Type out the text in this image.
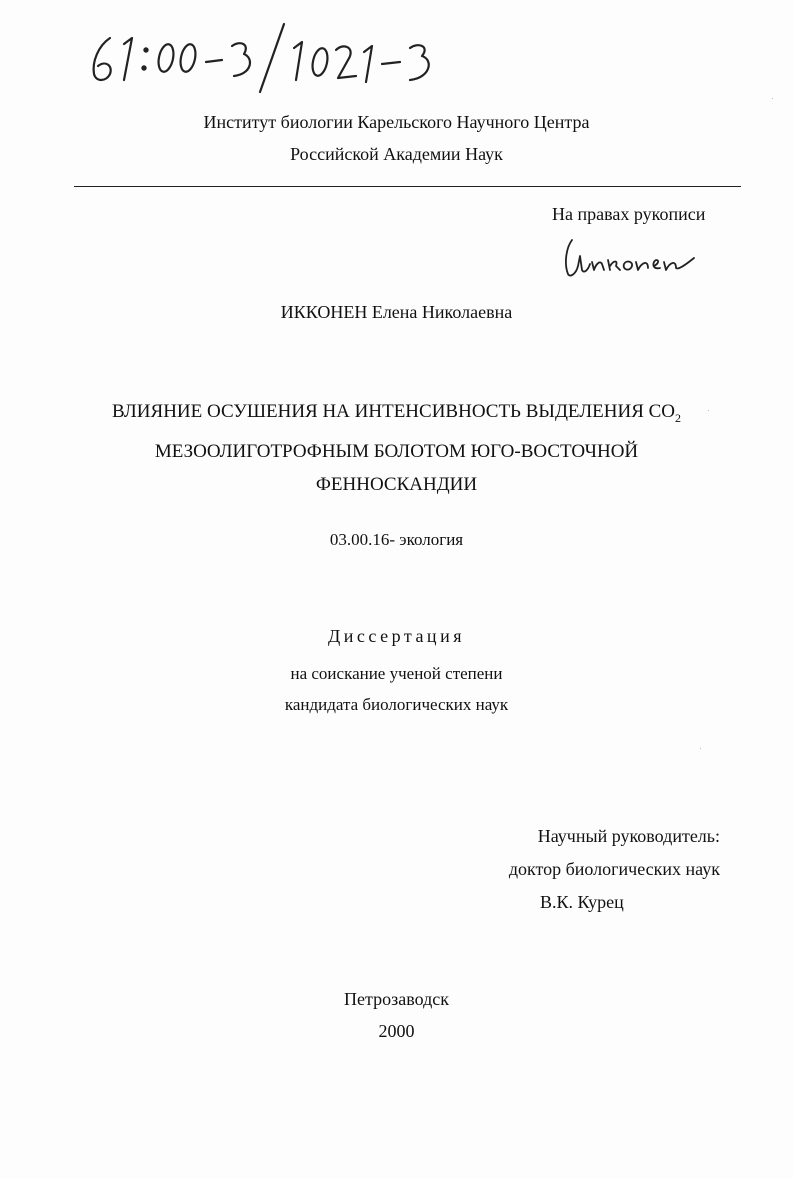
Институт биологии Карельского Научного Центра
Российской Академии Наук
На правах рукописи
ИККОНЕН Елена Николаевна
ВЛИЯНИЕ ОСУШЕНИЯ НА ИНТЕНСИВНОСТЬ ВЫДЕЛЕНИЯ $СО_2$
МЕЗООЛИГОТРОФНЫМ БОЛОТОМ ЮГО-ВОСТОЧНОЙ
ФЕННОСКАНДИИ
03.00.16- экология
Диссертация
на соискание ученой степени
кандидата биологических наук
Научный руководитель:
доктор биологических наук
В.К. Курец
Петрозаводск
2000
